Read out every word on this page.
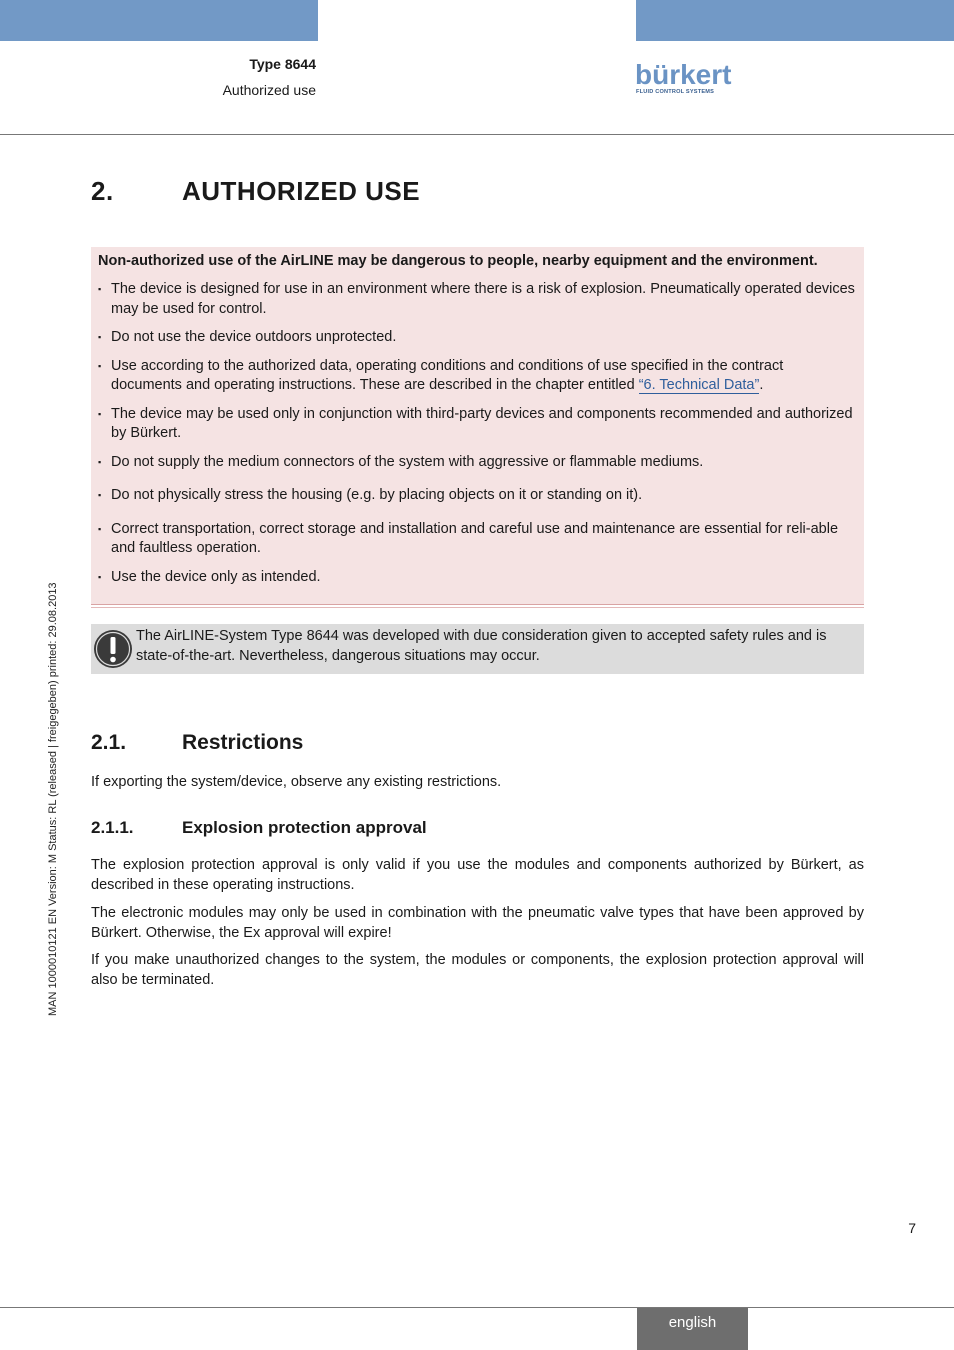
Type 8644
Authorized use	bürkert
FLUID CONTROL SYSTEMS
MAN 1000010121 EN Version: M Status: RL (released | freigegeben) printed: 29.08.2013
2.	AUTHORIZED USE

Non-authorized use of the AirLINE may be dangerous to people, nearby equipment and the environment.

▪ The device is designed for use in an environment where there is a risk of explosion. Pneumatically operated devices may be used for control.
▪ Do not use the device outdoors unprotected.
▪ Use according to the authorized data, operating conditions and conditions of use specified in the contract documents and operating instructions. These are described in the chapter entitled “6. Technical Data”.
▪ The device may be used only in conjunction with third-party devices and components recommended and authorized by Bürkert.
▪ Do not supply the medium connectors of the system with aggressive or flammable mediums.
▪ Do not physically stress the housing (e.g. by placing objects on it or standing on it).
▪ Correct transportation, correct storage and installation and careful use and maintenance are essential for reli-able and faultless operation.
▪ Use the device only as intended.
The AirLINE-System Type 8644 was developed with due consideration given to accepted safety rules and is state-of-the-art. Nevertheless, dangerous situations may occur.
2.1.	Restrictions
If exporting the system/device, observe any existing restrictions.
2.1.1.	Explosion protection approval
The explosion protection approval is only valid if you use the modules and components authorized by Bürkert, as described in these operating instructions.
The electronic modules may only be used in combination with the pneumatic valve types that have been approved by Bürkert. Otherwise, the Ex approval will expire!
If you make unauthorized changes to the system, the modules or components, the explosion protection approval will also be terminated.
7
english
